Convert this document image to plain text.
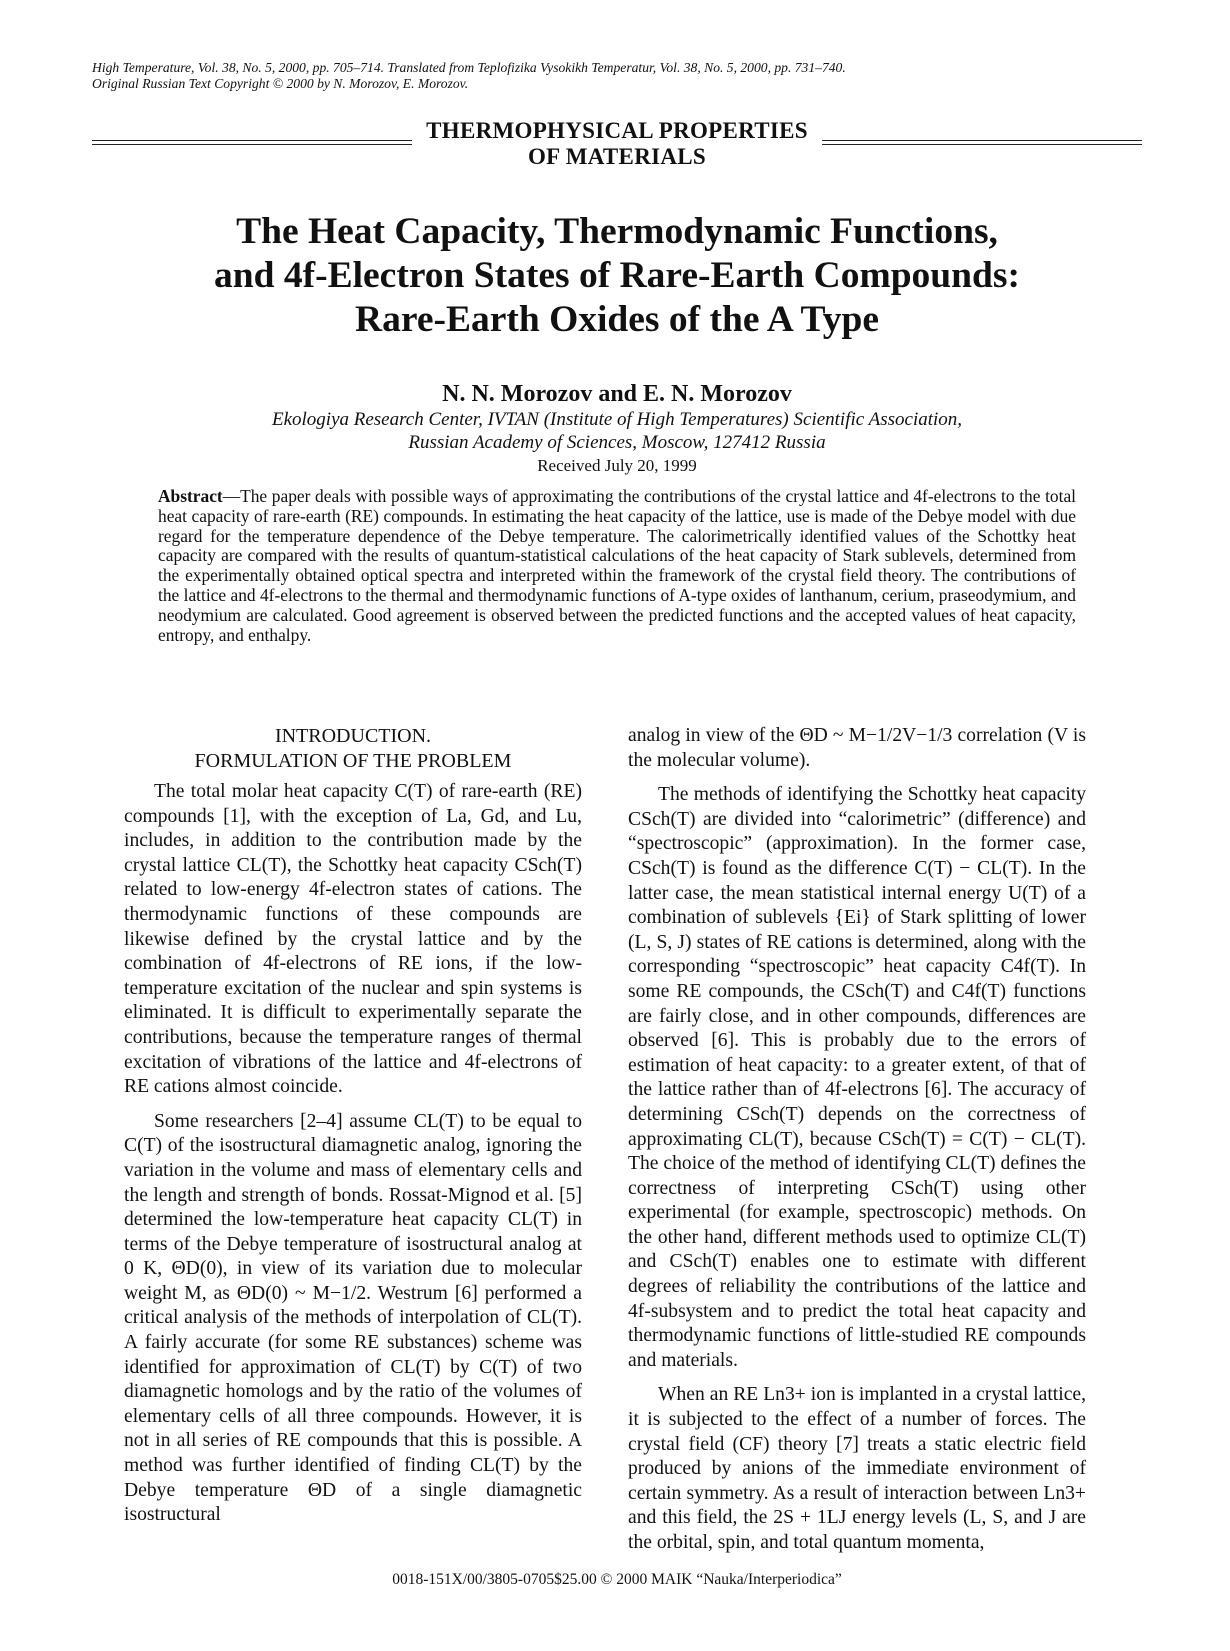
High Temperature, Vol. 38, No. 5, 2000, pp. 705–714. Translated from Teplofizika Vysokikh Temperatur, Vol. 38, No. 5, 2000, pp. 731–740.
Original Russian Text Copyright © 2000 by N. Morozov, E. Morozov.
THERMOPHYSICAL PROPERTIES
OF MATERIALS
The Heat Capacity, Thermodynamic Functions,
and 4f-Electron States of Rare-Earth Compounds:
Rare-Earth Oxides of the A Type
N. N. Morozov and E. N. Morozov
Ekologiya Research Center, IVTAN (Institute of High Temperatures) Scientific Association,
Russian Academy of Sciences, Moscow, 127412 Russia
Received July 20, 1999
Abstract—The paper deals with possible ways of approximating the contributions of the crystal lattice and 4f-electrons to the total heat capacity of rare-earth (RE) compounds. In estimating the heat capacity of the lattice, use is made of the Debye model with due regard for the temperature dependence of the Debye temperature. The calorimetrically identified values of the Schottky heat capacity are compared with the results of quantum-statistical calculations of the heat capacity of Stark sublevels, determined from the experimentally obtained optical spectra and interpreted within the framework of the crystal field theory. The contributions of the lattice and 4f-electrons to the thermal and thermodynamic functions of A-type oxides of lanthanum, cerium, praseodymium, and neodymium are calculated. Good agreement is observed between the predicted functions and the accepted values of heat capacity, entropy, and enthalpy.
INTRODUCTION.
FORMULATION OF THE PROBLEM

The total molar heat capacity C(T) of rare-earth (RE) compounds [1], with the exception of La, Gd, and Lu, includes, in addition to the contribution made by the crystal lattice CL(T), the Schottky heat capacity CSch(T) related to low-energy 4f-electron states of cations. The thermodynamic functions of these compounds are likewise defined by the crystal lattice and by the combination of 4f-electrons of RE ions, if the low-temperature excitation of the nuclear and spin systems is eliminated. It is difficult to experimentally separate the contributions, because the temperature ranges of thermal excitation of vibrations of the lattice and 4f-electrons of RE cations almost coincide.

Some researchers [2–4] assume CL(T) to be equal to C(T) of the isostructural diamagnetic analog, ignoring the variation in the volume and mass of elementary cells and the length and strength of bonds. Rossat-Mignod et al. [5] determined the low-temperature heat capacity CL(T) in terms of the Debye temperature of isostructural analog at 0 K, ΘD(0), in view of its variation due to molecular weight M, as ΘD(0) ~ M−1/2. Westrum [6] performed a critical analysis of the methods of interpolation of CL(T). A fairly accurate (for some RE substances) scheme was identified for approximation of CL(T) by C(T) of two diamagnetic homologs and by the ratio of the volumes of elementary cells of all three compounds. However, it is not in all series of RE compounds that this is possible. A method was further identified of finding CL(T) by the Debye temperature ΘD of a single diamagnetic isostructural

analog in view of the ΘD ~ M−1/2V−1/3 correlation (V is the molecular volume).

The methods of identifying the Schottky heat capacity CSch(T) are divided into “calorimetric” (difference) and “spectroscopic” (approximation). In the former case, CSch(T) is found as the difference C(T) − CL(T). In the latter case, the mean statistical internal energy U(T) of a combination of sublevels {Ei} of Stark splitting of lower (L, S, J) states of RE cations is determined, along with the corresponding “spectroscopic” heat capacity C4f(T). In some RE compounds, the CSch(T) and C4f(T) functions are fairly close, and in other compounds, differences are observed [6]. This is probably due to the errors of estimation of heat capacity: to a greater extent, of that of the lattice rather than of 4f-electrons [6]. The accuracy of determining CSch(T) depends on the correctness of approximating CL(T), because CSch(T) = C(T) − CL(T). The choice of the method of identifying CL(T) defines the correctness of interpreting CSch(T) using other experimental (for example, spectroscopic) methods. On the other hand, different methods used to optimize CL(T) and CSch(T) enables one to estimate with different degrees of reliability the contributions of the lattice and 4f-subsystem and to predict the total heat capacity and thermodynamic functions of little-studied RE compounds and materials.

When an RE Ln3+ ion is implanted in a crystal lattice, it is subjected to the effect of a number of forces. The crystal field (CF) theory [7] treats a static electric field produced by anions of the immediate environment of certain symmetry. As a result of interaction between Ln3+ and this field, the 2S + 1LJ energy levels (L, S, and J are the orbital, spin, and total quantum momenta,

0018-151X/00/3805-0705$25.00 © 2000 MAIK “Nauka/Interperiodica”
